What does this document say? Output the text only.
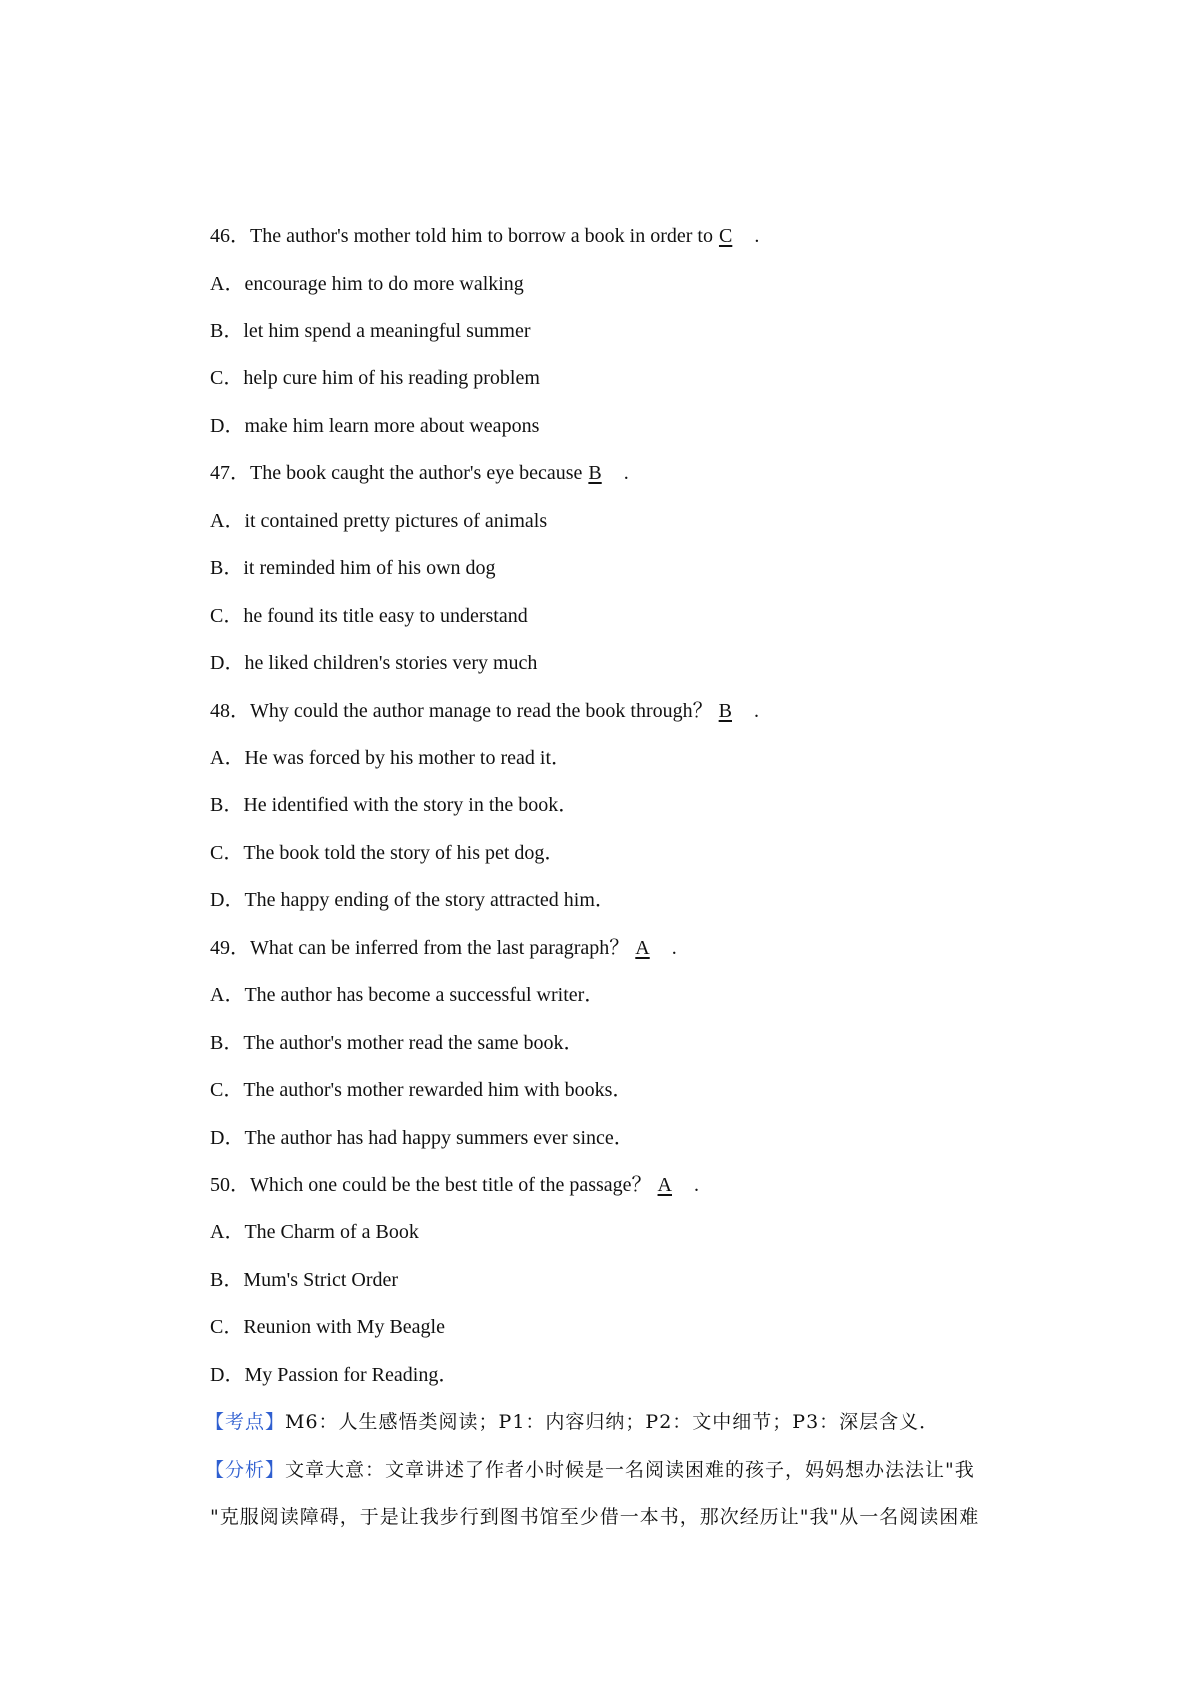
46．The author's mother told him to borrow a book in order to C .
A．encourage him to do more walking
B．let him spend a meaningful summer
C．help cure him of his reading problem
D．make him learn more about weapons
47．The book caught the author's eye because B .
A．it contained pretty pictures of animals
B．it reminded him of his own dog
C．he found its title easy to understand
D．he liked children's stories very much
48．Why could the author manage to read the book through？ B .
A．He was forced by his mother to read it．
B．He identified with the story in the book．
C．The book told the story of his pet dog．
D．The happy ending of the story attracted him．
49．What can be inferred from the last paragraph？ A .
A．The author has become a successful writer．
B．The author's mother read the same book．
C．The author's mother rewarded him with books．
D．The author has had happy summers ever since．
50．Which one could be the best title of the passage？ A .
A．The Charm of a Book
B．Mum's Strict Order
C．Reunion with My Beagle
D．My Passion for Reading．
【考点】M6：人生感悟类阅读；P1：内容归纳；P2：文中细节；P3：深层含义．
【分析】文章大意：文章讲述了作者小时候是一名阅读困难的孩子，妈妈想办法法让"我
"克服阅读障碍，于是让我步行到图书馆至少借一本书，那次经历让"我"从一名阅读困难
